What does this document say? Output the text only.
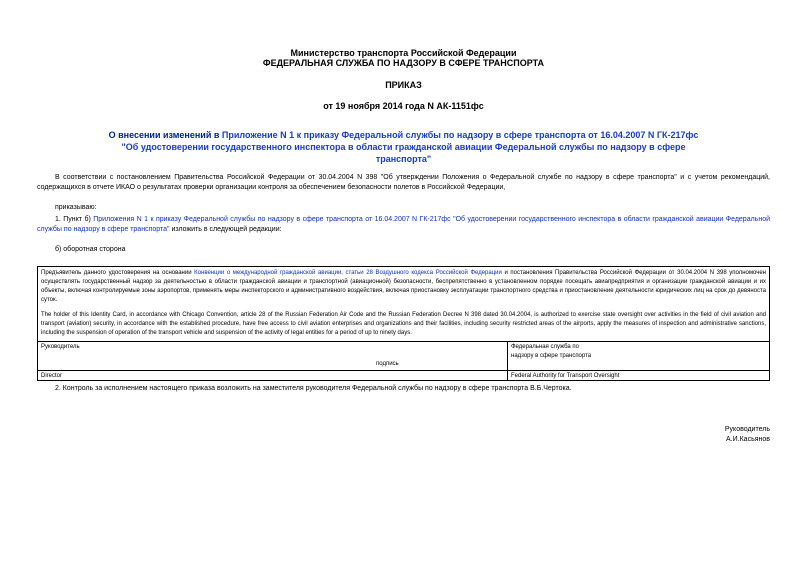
Министерство транспорта Российской Федерации
ФЕДЕРАЛЬНАЯ СЛУЖБА ПО НАДЗОРУ В СФЕРЕ ТРАНСПОРТА
ПРИКАЗ
от 19 ноября 2014 года N АК-1151фс
О внесении изменений в Приложение N 1 к приказу Федеральной службы по надзору в сфере транспорта от 16.04.2007 N ГК-217фс "Об удостоверении государственного инспектора в области гражданской авиации Федеральной службы по надзору в сфере транспорта"
В соответствии с постановлением Правительства Российской Федерации от 30.04.2004 N 398 "Об утверждении Положения о Федеральной службе по надзору в сфере транспорта" и с учетом рекомендаций, содержащихся в отчете ИКАО о результатах проверки организации контроля за обеспечением безопасности полетов в Российской Федерации,
приказываю:
1. Пункт б) Приложения N 1 к приказу Федеральной службы по надзору в сфере транспорта от 16.04.2007 N ГК-217фс "Об удостоверении государственного инспектора в области гражданской авиации Федеральной службы по надзору в сфере транспорта" изложить в следующей редакции:
б) оборотная сторона
Предъявитель данного удостоверения на основании Конвенции о международной гражданской авиации, статьи 28 Воздушного кодекса Российской Федерации и постановления Правительства Российской Федерации от 30.04.2004 N 398 уполномочен осуществлять государственный надзор за деятельностью в области гражданской авиации и транспортной (авиационной) безопасности, беспрепятственно в установленном порядке посещать авиапредприятия и организации гражданской авиации и их объекты, включая контролируемые зоны аэропортов, применять меры инспекторского и административного воздействия, включая приостановку эксплуатации транспортного средства и приостановление деятельности юридических лиц на срок до девяноста суток.
The holder of this Identity Card, in accordance with Chicago Convention, article 28 of the Russian Federation Air Code and the Russian Federation Decree N 398 dated 30.04.2004, is authorized to exercise state oversight over activities in the field of civil aviation and transport (aviation) security, in accordance with the established procedure, have free access to civil aviation enterprises and organizations and their facilities, including security restricted areas of the airports, apply the measures of inspection and administrative sanctions, including the suspension of operation of the transport vehicle and suspension of the activity of legal entities for a period of up to ninety days.
Руководитель
подпись
Федеральная служба по
надзору в сфере транспорта
Director	Federal Authority for Transport Oversight
2. Контроль за исполнением настоящего приказа возложить на заместителя руководителя Федеральной службы по надзору в сфере транспорта В.Б.Чертока.
Руководитель
А.И.Касьянов
